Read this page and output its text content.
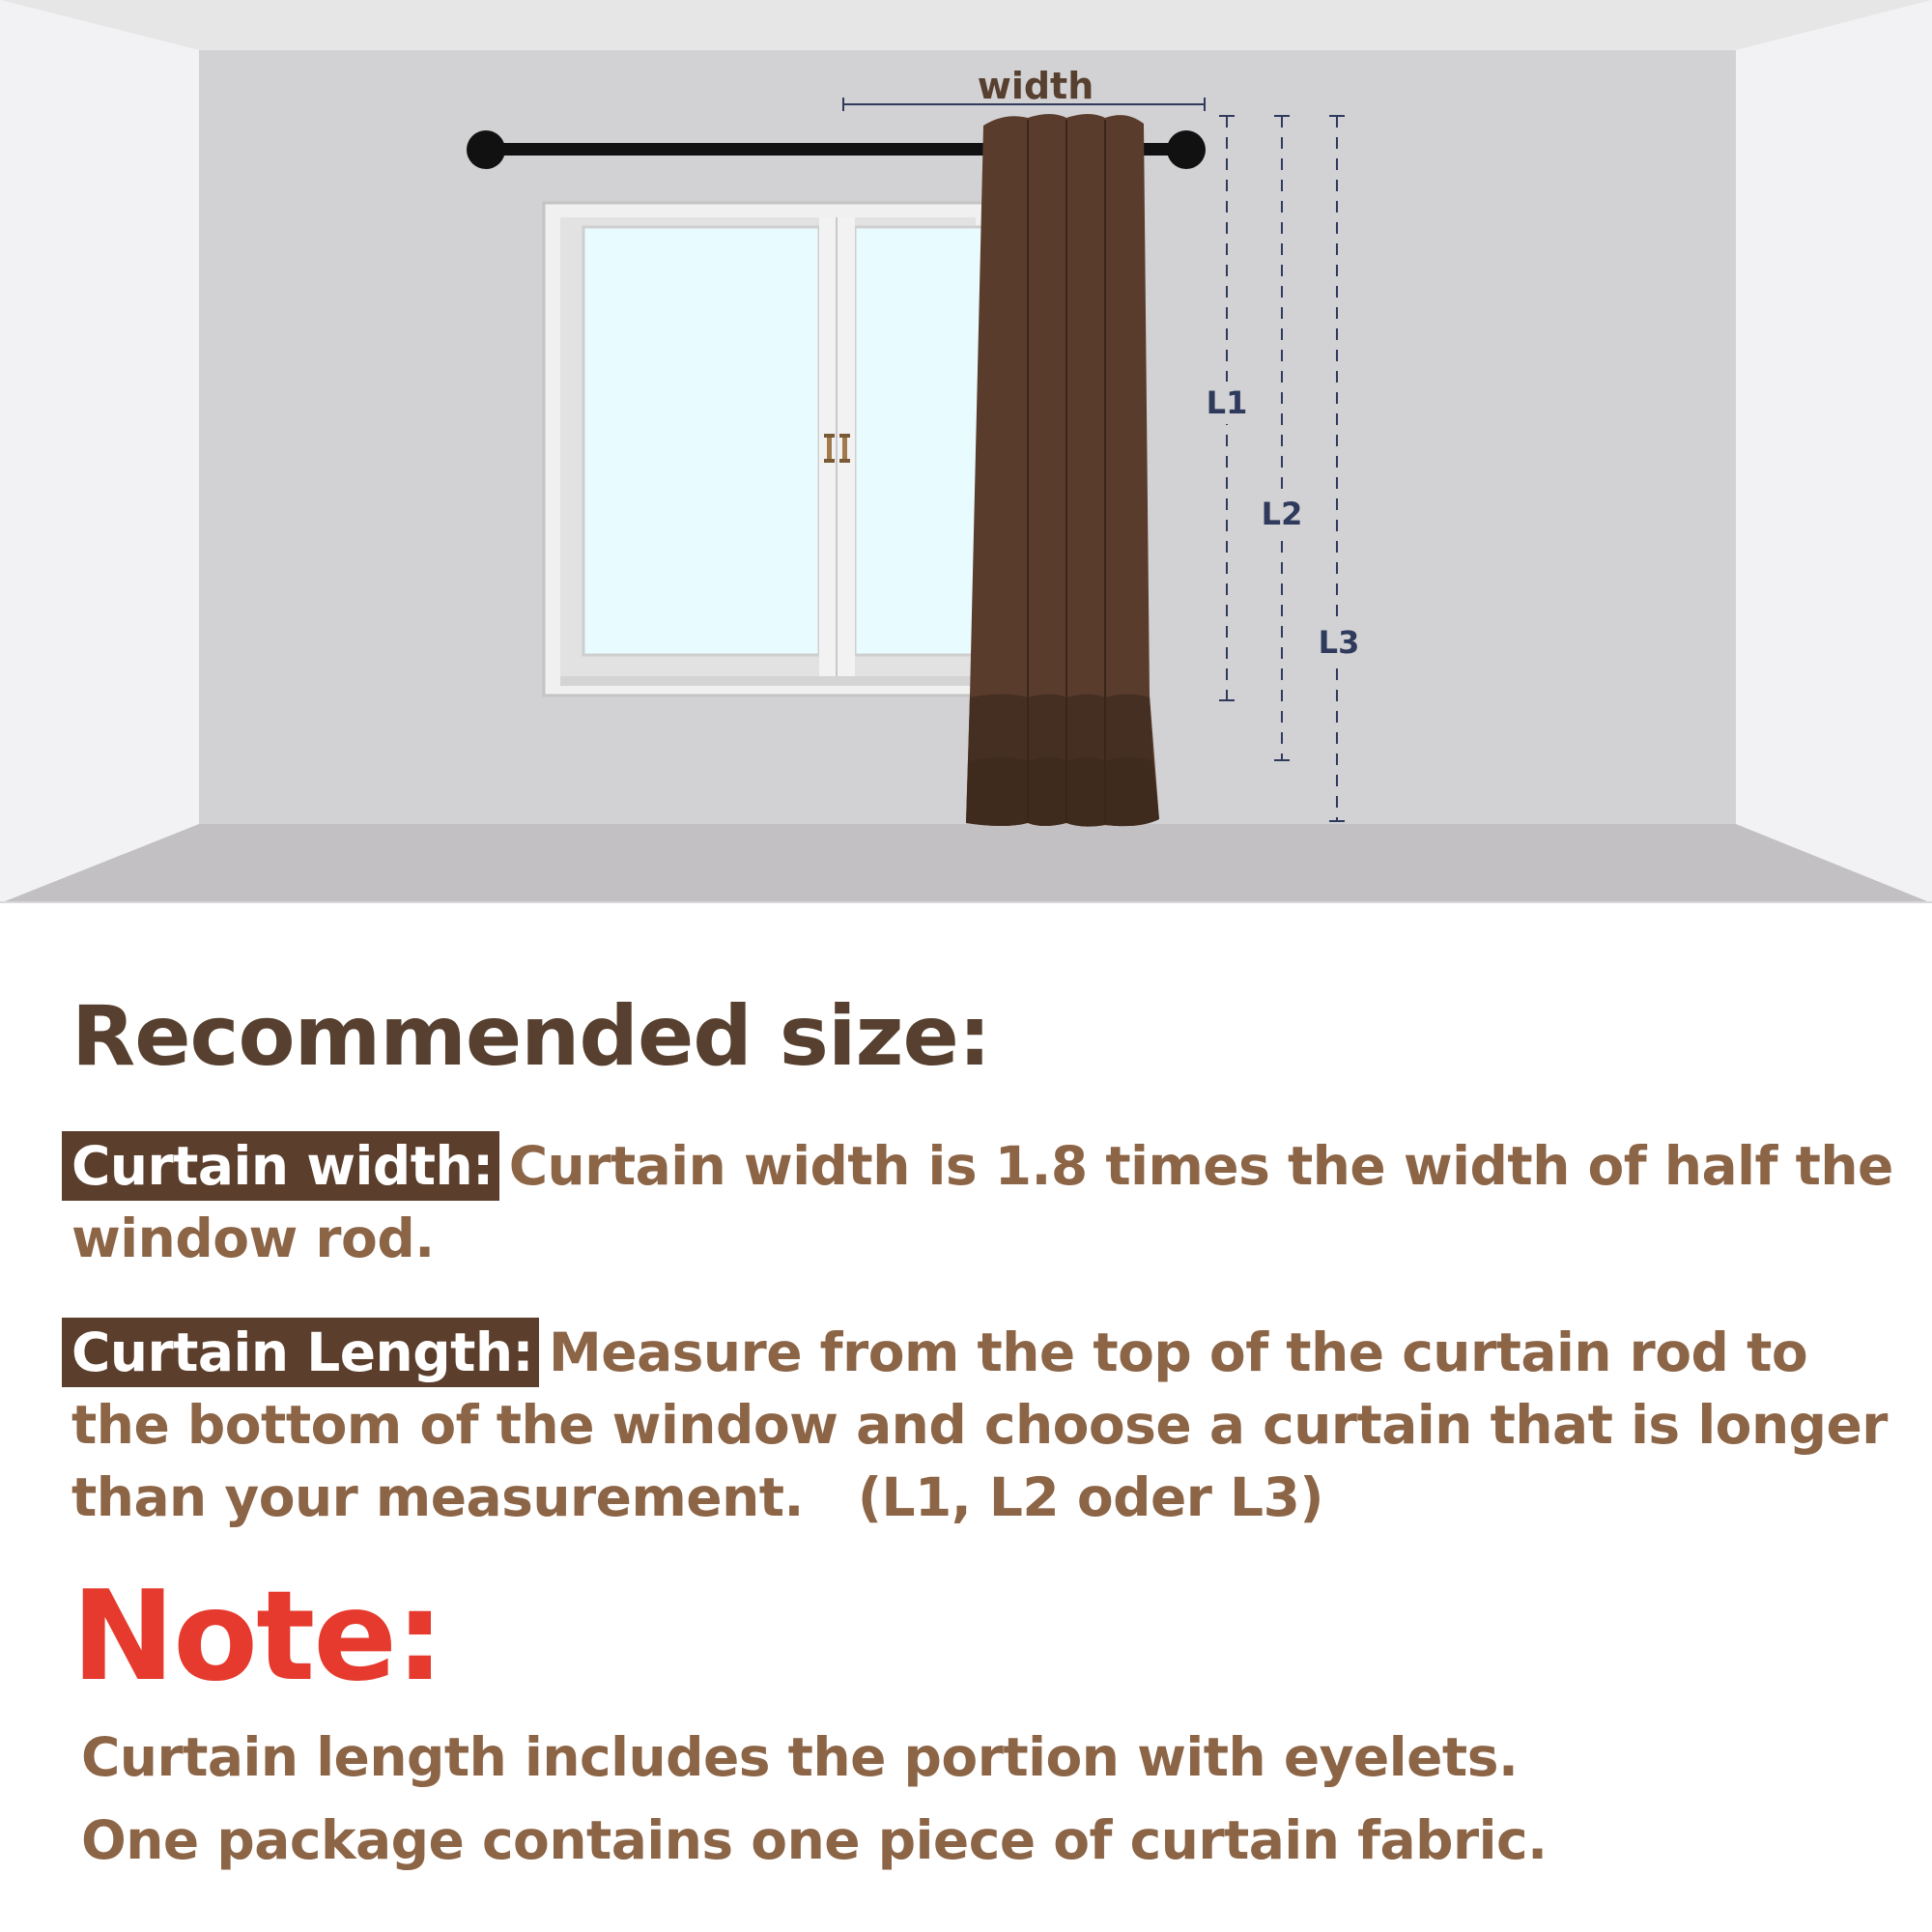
width
L1
L2
L3
Recommended size:

Curtain width: Curtain width is 1.8 times the width of half the
window rod.

Curtain Length: Measure from the top of the curtain rod to
the bottom of the window and choose a curtain that is longer
than your measurement.   (L1, L2 oder L3)

Note:

Curtain length includes the portion with eyelets.

One package contains one piece of curtain fabric.
